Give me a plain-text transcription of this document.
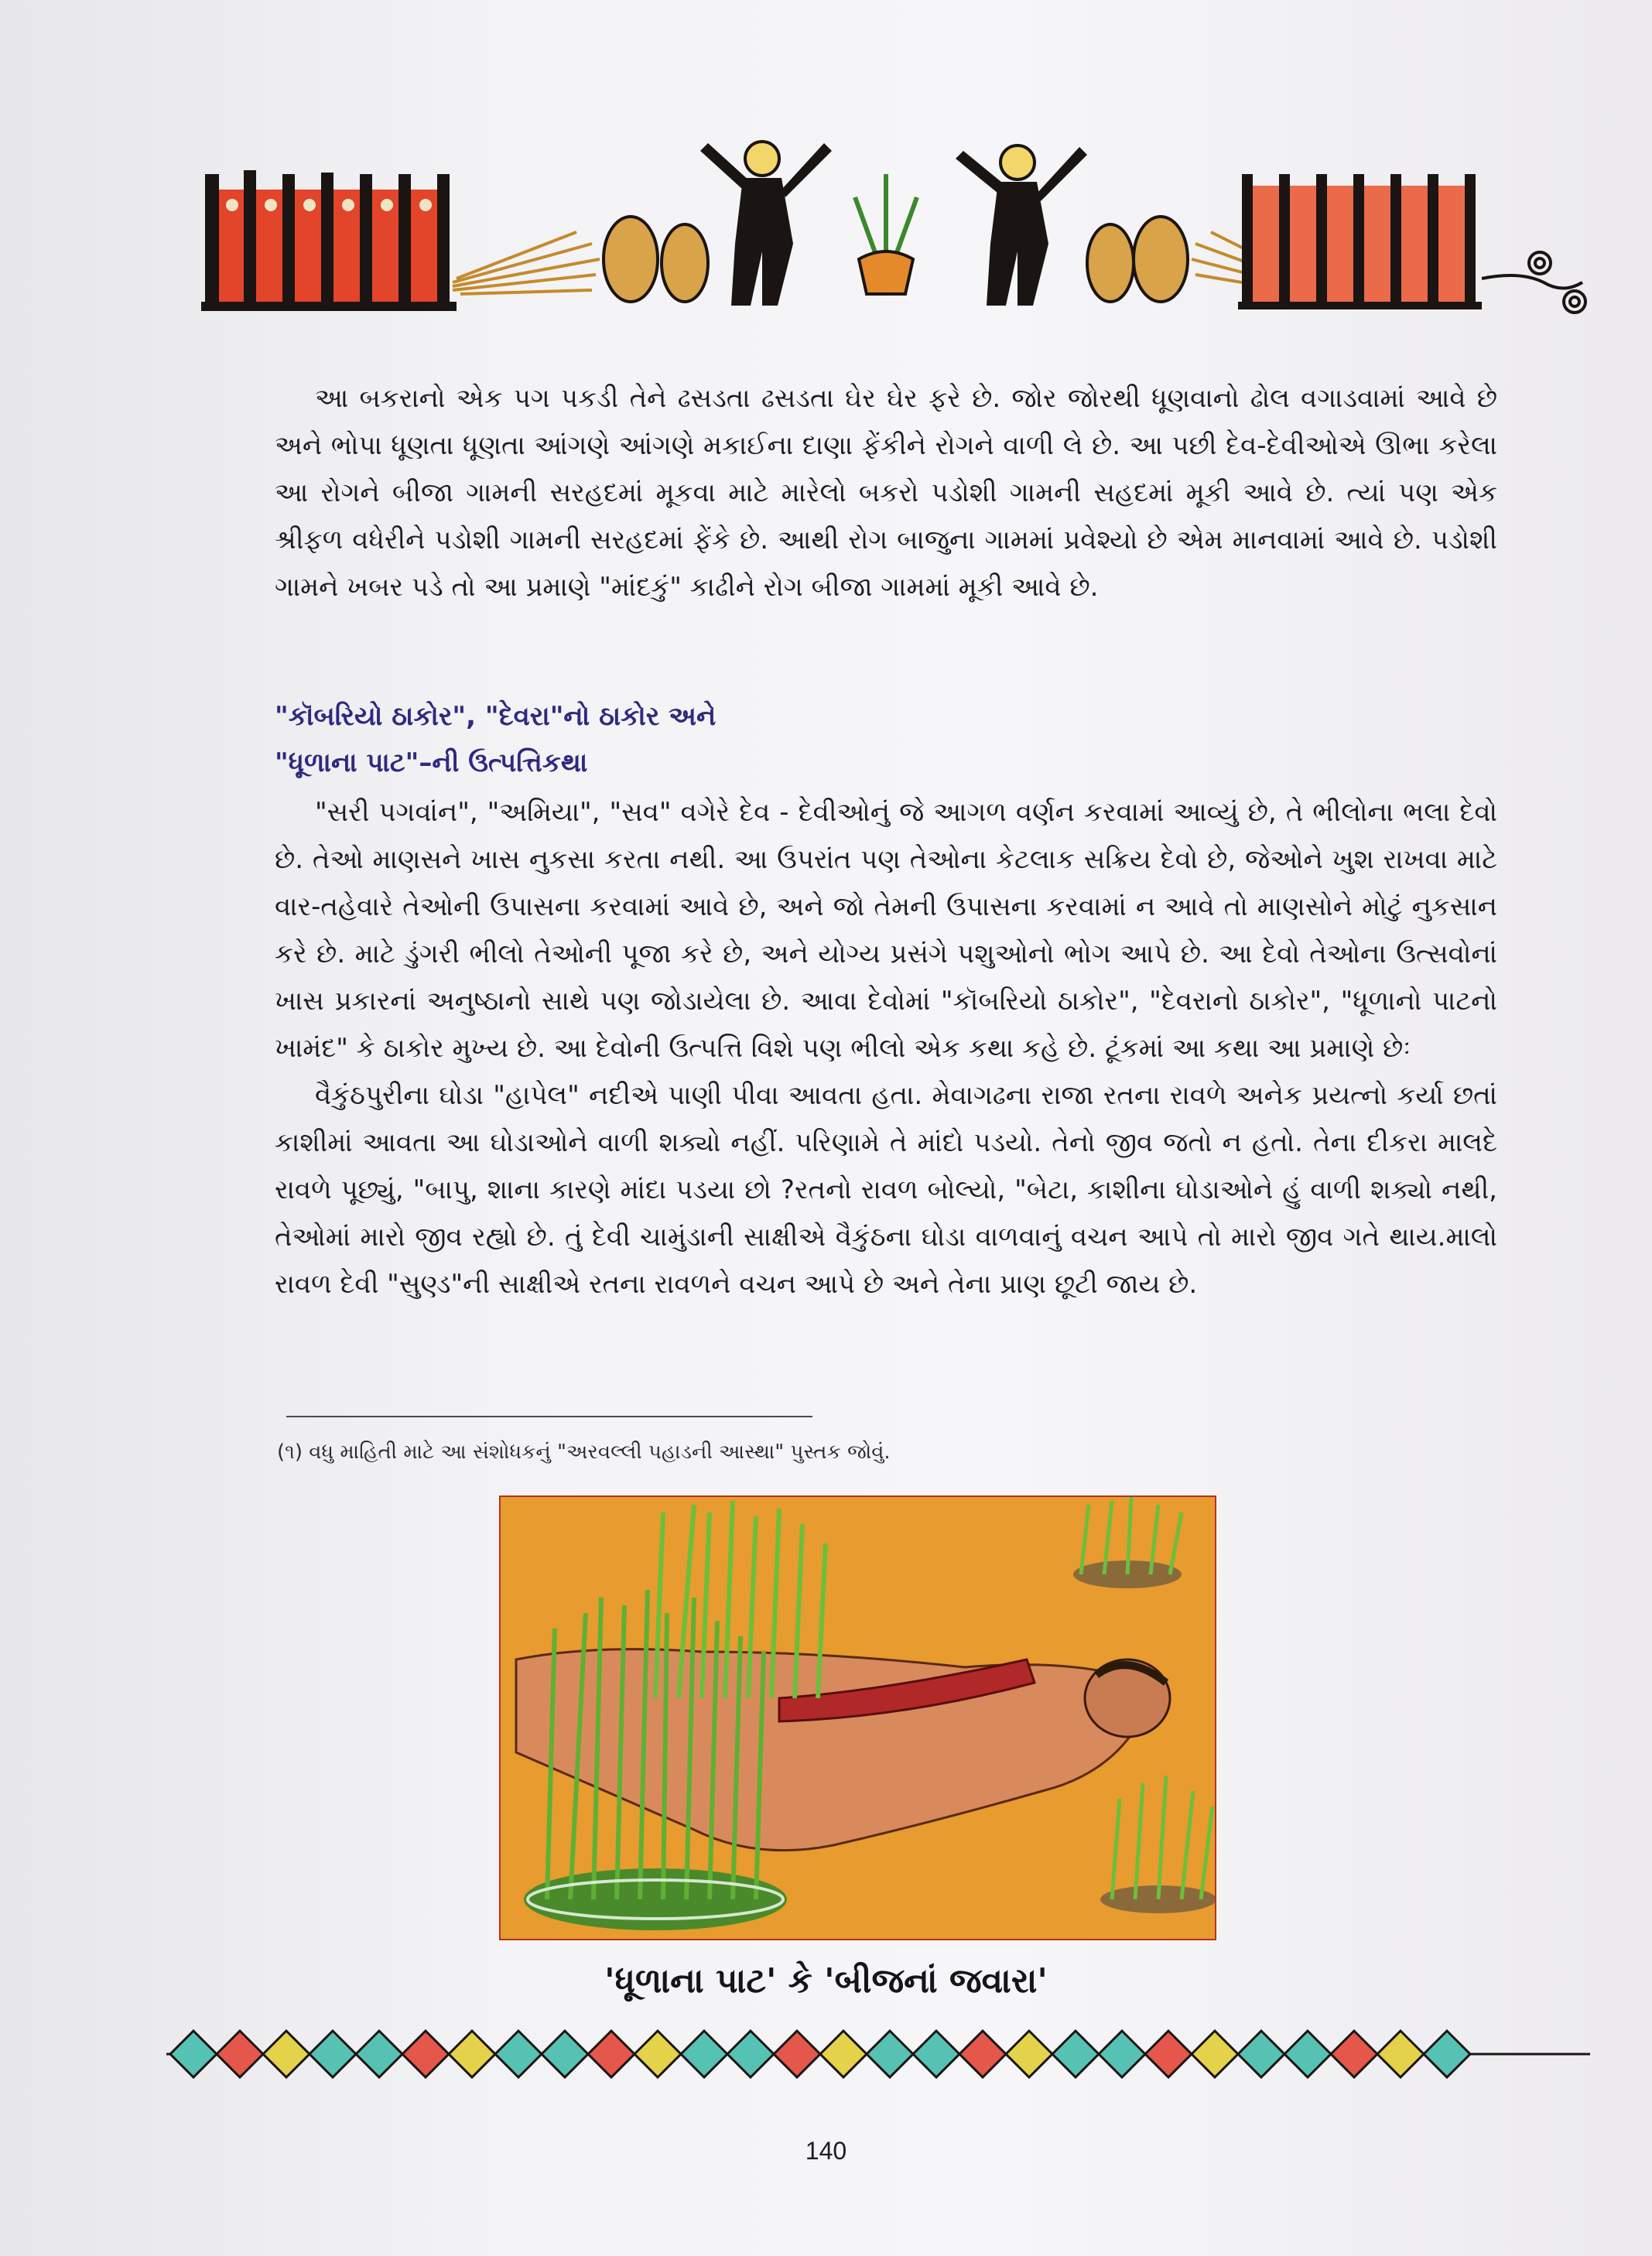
આ બકરાનો એક પગ પકડી તેને ઢસડતા ઢસડતા ઘેર ઘેર ફરે છે. જોર જોરથી ધૂણવાનો ઢોલ વગાડવામાં આવે છે અને ભોપા ધૂણતા ધૂણતા આંગણે આંગણે મકાઈના દાણા ફેંકીને રોગને વાળી લે છે. આ પછી દેવ-દેવીઓએ ઊભા કરેલા આ રોગને બીજા ગામની સરહદમાં મૂકવા માટે મારેલો બકરો પડોશી ગામની સહદમાં મૂકી આવે છે. ત્યાં પણ એક શ્રીફળ વધેરીને પડોશી ગામની સરહદમાં ફેંકે છે. આથી રોગ બાજુના ગામમાં પ્રવેશ્યો છે એમ માનવામાં આવે છે. પડોશી ગામને ખબર પડે તો આ પ્રમાણે "માંદકું" કાઢીને રોગ બીજા ગામમાં મૂકી આવે છે.

"કૉબરિયો ઠાકોર", "દેવરા"નો ઠાકોર અને
"ધૂળાના પાટ"–ની ઉત્પત્તિકથા

"સરી પગવાંન", "અમિયા", "સવ" વગેરે દેવ - દેવીઓનું જે આગળ વર્ણન કરવામાં આવ્યું છે, તે ભીલોના ભલા દેવો છે. તેઓ માણસને ખાસ નુકસા કરતા નથી. આ ઉપરાંત પણ તેઓના કેટલાક સક્રિય દેવો છે, જેઓને ખુશ રાખવા માટે વાર-તહેવારે તેઓની ઉપાસના કરવામાં આવે છે, અને જો તેમની ઉપાસના કરવામાં ન આવે તો માણસોને મોટું નુકસાન કરે છે. માટે ડુંગરી ભીલો તેઓની પૂજા કરે છે, અને યોગ્ય પ્રસંગે પશુઓનો ભોગ આપે છે. આ દેવો તેઓના ઉત્સવોનાં ખાસ પ્રકારનાં અનુષ્ઠાનો સાથે પણ જોડાયેલા છે. આવા દેવોમાં "કૉબરિયો ઠાકોર", "દેવરાનો ઠાકોર", "ધૂળાનો પાટનો ખામંદ" કે ઠાકોર મુખ્ય છે. આ દેવોની ઉત્પત્તિ વિશે પણ ભીલો એક કથા કહે છે. ટૂંકમાં આ કથા આ પ્રમાણે છેઃ

વૈકુંઠપુરીના ઘોડા "હાપેલ" નદીએ પાણી પીવા આવતા હતા. મેવાગઢના રાજા રતના રાવળે અનેક પ્રયત્નો કર્યા છતાં કાશીમાં આવતા આ ઘોડાઓને વાળી શક્યો નહીં. પરિણામે તે માંદો પડયો. તેનો જીવ જતો ન હતો. તેના દીકરા માલદે રાવળે પૂછ્યું, "બાપુ, શાના કારણે માંદા પડયા છો ?રતનો રાવળ બોલ્યો, "બેટા, કાશીના ઘોડાઓને હું વાળી શક્યો નથી, તેઓમાં મારો જીવ રહ્યો છે. તું દેવી ચામુંડાની સાક્ષીએ વૈકુંઠના ઘોડા વાળવાનું વચન આપે તો મારો જીવ ગતે થાય.માલો રાવળ દેવી "સુણ્ડ"ની સાક્ષીએ રતના રાવળને વચન આપે છે અને તેના પ્રાણ છૂટી જાય છે.

(૧) વધુ માહિતી માટે આ સંશોધકનું "અરવલ્લી પહાડની આસ્થા" પુસ્તક જોવું.
'ધૂળાના પાટ' કે 'બીજનાં જવારા'
140
